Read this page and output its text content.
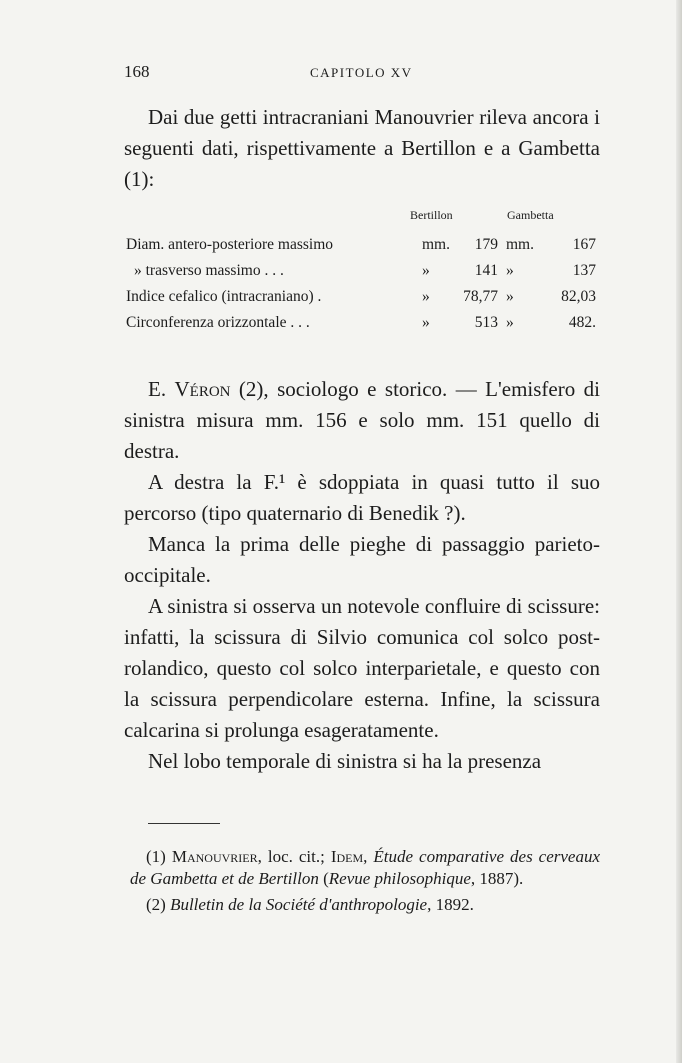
168	CAPITOLO XV

Dai due getti intracraniani Manouvrier rileva ancora i seguenti dati, rispettivamente a Bertillon e a Gambetta (1):

Bertillon	Gambetta
Diam. antero-posteriore massimo	mm.	179 mm.	167
» trasverso massimo . . .	»	141 »	137
Indice cefalico (intracraniano) .	»	78,77 »	82,03
Circonferenza orizzontale . . .	»	513 »	482.

E. Véron (2), sociologo e storico. — L'emisfero di sinistra misura mm. 156 e solo mm. 151 quello di destra.

A destra la F.¹ è sdoppiata in quasi tutto il suo percorso (tipo quaternario di Benedik ?).

Manca la prima delle pieghe di passaggio parieto-occipitale.

A sinistra si osserva un notevole confluire di scissure: infatti, la scissura di Silvio comunica col solco post-rolandico, questo col solco interparietale, e questo con la scissura perpendicolare esterna. Infine, la scissura calcarina si prolunga esageratamente.

Nel lobo temporale di sinistra si ha la presenza

(1) Manouvrier, loc. cit.; Idem, Étude comparative des cerveaux de Gambetta et de Bertillon (Revue philosophique, 1887).

(2) Bulletin de la Société d'anthropologie, 1892.
